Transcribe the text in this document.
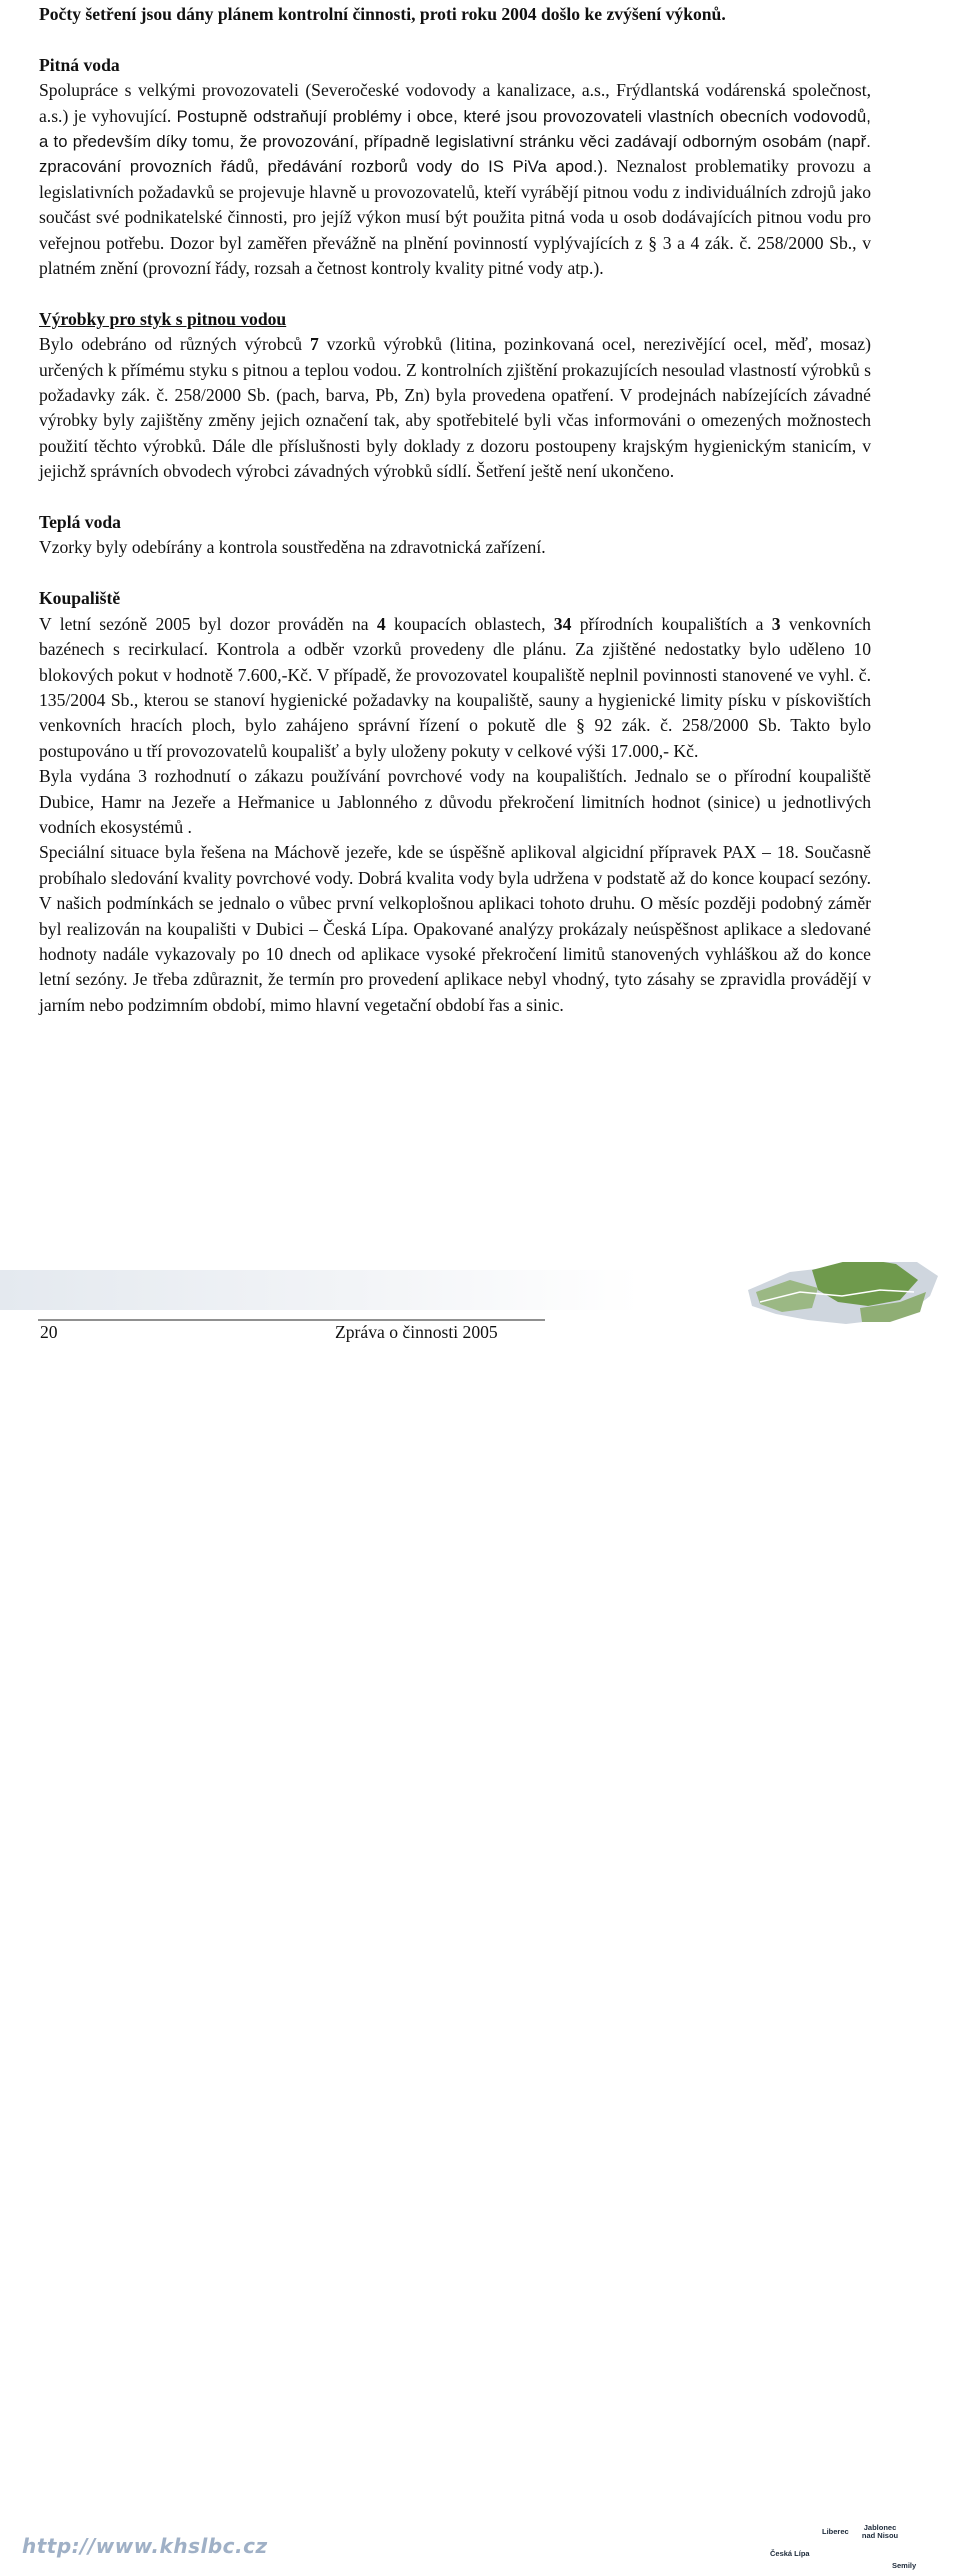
Počty šetření jsou dány plánem kontrolní činnosti, proti roku 2004 došlo ke zvýšení výkonů.

Pitná voda

Spolupráce s velkými provozovateli (Severočeské vodovody a kanalizace, a.s., Frýdlantská vodárenská společnost, a.s.) je vyhovující. Postupně odstraňují problémy i obce, které jsou provozovateli vlastních obecních vodovodů, a to především díky tomu, že provozování, případně legislativní stránku věci zadávají odborným osobám (např. zpracování provozních řádů, předávání rozborů vody do IS PiVa apod.). Neznalost problematiky provozu a legislativních požadavků se projevuje hlavně u provozovatelů, kteří vyrábějí pitnou vodu z individuálních zdrojů jako součást své podnikatelské činnosti, pro jejíž výkon musí být použita pitná voda u osob dodávajících pitnou vodu pro veřejnou potřebu. Dozor byl zaměřen převážně na plnění povinností vyplývajících z § 3 a 4 zák. č. 258/2000 Sb., v platném znění (provozní řády, rozsah a četnost kontroly kvality pitné vody atp.).

Výrobky pro styk s pitnou vodou

Bylo odebráno od různých výrobců 7 vzorků výrobků (litina, pozinkovaná ocel, nerezivějící ocel, měď, mosaz) určených k přímému styku s pitnou a teplou vodou. Z kontrolních zjištění prokazujících nesoulad vlastností výrobků s požadavky zák. č. 258/2000 Sb. (pach, barva, Pb, Zn) byla provedena opatření. V prodejnách nabízejících závadné výrobky byly zajištěny změny jejich označení tak, aby spotřebitelé byli včas informováni o omezených možnostech použití těchto výrobků. Dále dle příslušnosti byly doklady z dozoru postoupeny krajským hygienickým stanicím, v jejichž správních obvodech výrobci závadných výrobků sídlí. Šetření ještě není ukončeno.

Teplá voda

Vzorky byly odebírány a kontrola soustředěna na zdravotnická zařízení.

Koupaliště

V letní sezóně 2005 byl dozor prováděn na 4 koupacích oblastech, 34 přírodních koupalištích a 3 venkovních bazénech s recirkulací. Kontrola a odběr vzorků provedeny dle plánu. Za zjištěné nedostatky bylo uděleno 10 blokových pokut v hodnotě 7.600,-Kč. V případě, že provozovatel koupaliště neplnil povinnosti stanovené ve vyhl. č. 135/2004 Sb., kterou se stanoví hygienické požadavky na koupaliště, sauny a hygienické limity písku v pískovištích venkovních hracích ploch, bylo zahájeno správní řízení o pokutě dle § 92 zák. č. 258/2000 Sb. Takto bylo postupováno u tří provozovatelů koupališť a byly uloženy pokuty v celkové výši 17.000,- Kč.

Byla vydána 3 rozhodnutí o zákazu používání povrchové vody na koupalištích. Jednalo se o přírodní koupaliště Dubice, Hamr na Jezeře a Heřmanice u Jablonného z důvodu překročení limitních hodnot (sinice) u jednotlivých vodních ekosystémů .

Speciální situace byla řešena na Máchově jezeře, kde se úspěšně aplikoval algicidní přípravek PAX – 18. Současně probíhalo sledování kvality povrchové vody. Dobrá kvalita vody byla udržena v podstatě až do konce koupací sezóny. V našich podmínkách se jednalo o vůbec první velkoplošnou aplikaci tohoto druhu. O měsíc později podobný záměr byl realizován na koupališti v Dubici – Česká Lípa. Opakované analýzy prokázaly neúspěšnost aplikace a sledované hodnoty nadále vykazovaly po 10 dnech od aplikace vysoké překročení limitů stanovených vyhláškou až do konce letní sezóny. Je třeba zdůraznit, že termín pro provedení aplikace nebyl vhodný, tyto zásahy se zpravidla provádějí v jarním nebo podzimním období, mimo hlavní vegetační období řas a sinic.

http://www.khslbc.cz
Liberec	Jablonec nad Nisou
Česká Lípa
Semily
20	Zpráva o činnosti 2005
